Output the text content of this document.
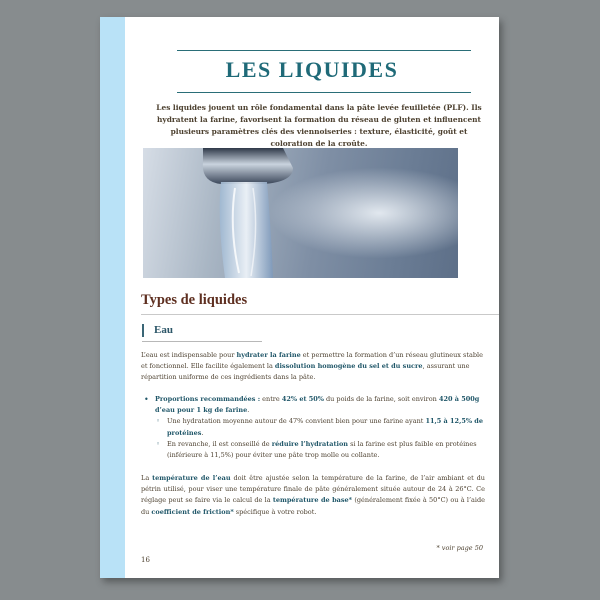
LES LIQUIDES

Les liquides jouent un rôle fondamental dans la pâte levée feuilletée (PLF). Ils hydratent la farine, favorisent la formation du réseau de gluten et influencent plusieurs paramètres clés des viennoiseries : texture, élasticité, goût et coloration de la croûte.

Types de liquides
Eau

L’eau est indispensable pour hydrater la farine et permettre la formation d’un réseau glutineux stable et fonctionnel. Elle facilite également la dissolution homogène du sel et du sucre, assurant une répartition uniforme de ces ingrédients dans la pâte.

• Proportions recommandées : entre 42% et 50% du poids de la farine, soit environ 420 à 500g d’eau pour 1 kg de farine.

◦ Une hydratation moyenne autour de 47% convient bien pour une farine ayant 11,5 à 12,5% de protéines.

◦ En revanche, il est conseillé de réduire l’hydratation si la farine est plus faible en protéines (inférieure à 11,5%) pour éviter une pâte trop molle ou collante.

La température de l’eau doit être ajustée selon la température de la farine, de l’air ambiant et du pétrin utilisé, pour viser une température finale de pâte généralement située autour de 24 à 26°C. Ce réglage peut se faire via le calcul de la température de base* (généralement fixée à 50°C) ou à l’aide du coefficient de friction* spécifique à votre robot.

* voir page 50

16
